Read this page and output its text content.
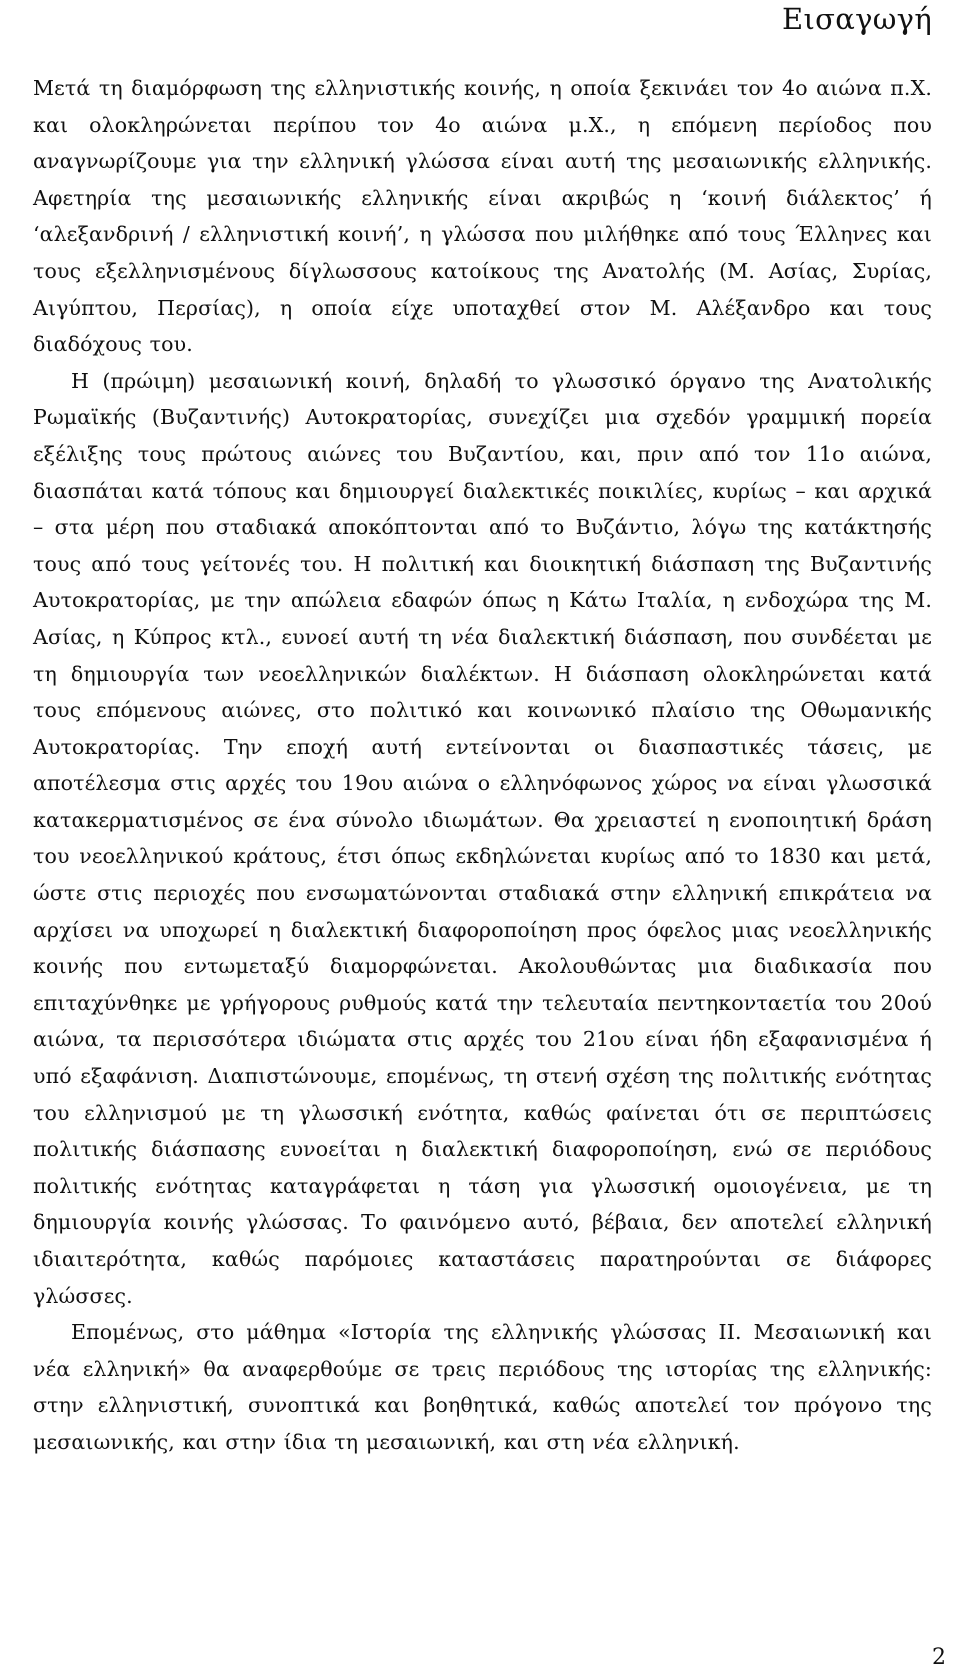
Εισαγωγή

Μετά τη διαμόρφωση της ελληνιστικής κοινής, η οποία ξεκινάει τον 4ο αιώνα π.Χ. και ολοκληρώνεται περίπου τον 4ο αιώνα μ.Χ., η επόμενη περίοδος που αναγνωρίζουμε για την ελληνική γλώσσα είναι αυτή της μεσαιωνικής ελληνικής. Αφετηρία της μεσαιωνικής ελληνικής είναι ακριβώς η ‘κοινή διάλεκτος’ ή ‘αλεξανδρινή / ελληνιστική κοινή’, η γλώσσα που μιλήθηκε από τους Έλληνες και τους εξελληνισμένους δίγλωσσους κατοίκους της Ανατολής (Μ. Ασίας, Συρίας, Αιγύπτου, Περσίας), η οποία είχε υποταχθεί στον Μ. Αλέξανδρο και τους διαδόχους του.

Η (πρώιμη) μεσαιωνική κοινή, δηλαδή το γλωσσικό όργανο της Ανατολικής Ρωμαϊκής (Βυζαντινής) Αυτοκρατορίας, συνεχίζει μια σχεδόν γραμμική πορεία εξέλιξης τους πρώτους αιώνες του Βυζαντίου, και, πριν από τον 11ο αιώνα, διασπάται κατά τόπους και δημιουργεί διαλεκτικές ποικιλίες, κυρίως – και αρχικά – στα μέρη που σταδιακά αποκόπτονται από το Βυζάντιο, λόγω της κατάκτησής τους από τους γείτονές του. Η πολιτική και διοικητική διάσπαση της Βυζαντινής Αυτοκρατορίας, με την απώλεια εδαφών όπως η Κάτω Ιταλία, η ενδοχώρα της Μ. Ασίας, η Κύπρος κτλ., ευνοεί αυτή τη νέα διαλεκτική διάσπαση, που συνδέεται με τη δημιουργία των νεοελληνικών διαλέκτων. Η διάσπαση ολοκληρώνεται κατά τους επόμενους αιώνες, στο πολιτικό και κοινωνικό πλαίσιο της Οθωμανικής Αυτοκρατορίας. Την εποχή αυτή εντείνονται οι διασπαστικές τάσεις, με αποτέλεσμα στις αρχές του 19ου αιώνα ο ελληνόφωνος χώρος να είναι γλωσσικά κατακερματισμένος σε ένα σύνολο ιδιωμάτων. Θα χρειαστεί η ενοποιητική δράση του νεοελληνικού κράτους, έτσι όπως εκδηλώνεται κυρίως από το 1830 και μετά, ώστε στις περιοχές που ενσωματώνονται σταδιακά στην ελληνική επικράτεια να αρχίσει να υποχωρεί η διαλεκτική διαφοροποίηση προς όφελος μιας νεοελληνικής κοινής που εντωμεταξύ διαμορφώνεται. Ακολουθώντας μια διαδικασία που επιταχύνθηκε με γρήγορους ρυθμούς κατά την τελευταία πεντηκονταετία του 20ού αιώνα, τα περισσότερα ιδιώματα στις αρχές του 21ου είναι ήδη εξαφανισμένα ή υπό εξαφάνιση. Διαπιστώνουμε, επομένως, τη στενή σχέση της πολιτικής ενότητας του ελληνισμού με τη γλωσσική ενότητα, καθώς φαίνεται ότι σε περιπτώσεις πολιτικής διάσπασης ευνοείται η διαλεκτική διαφοροποίηση, ενώ σε περιόδους πολιτικής ενότητας καταγράφεται η τάση για γλωσσική ομοιογένεια, με τη δημιουργία κοινής γλώσσας. Το φαινόμενο αυτό, βέβαια, δεν αποτελεί ελληνική ιδιαιτερότητα, καθώς παρόμοιες καταστάσεις παρατηρούνται σε διάφορες γλώσσες.

Επομένως, στο μάθημα «Ιστορία της ελληνικής γλώσσας ΙΙ. Μεσαιωνική και νέα ελληνική» θα αναφερθούμε σε τρεις περιόδους της ιστορίας της ελληνικής: στην ελληνιστική, συνοπτικά και βοηθητικά, καθώς αποτελεί τον πρόγονο της μεσαιωνικής, και στην ίδια τη μεσαιωνική, και στη νέα ελληνική.

2
